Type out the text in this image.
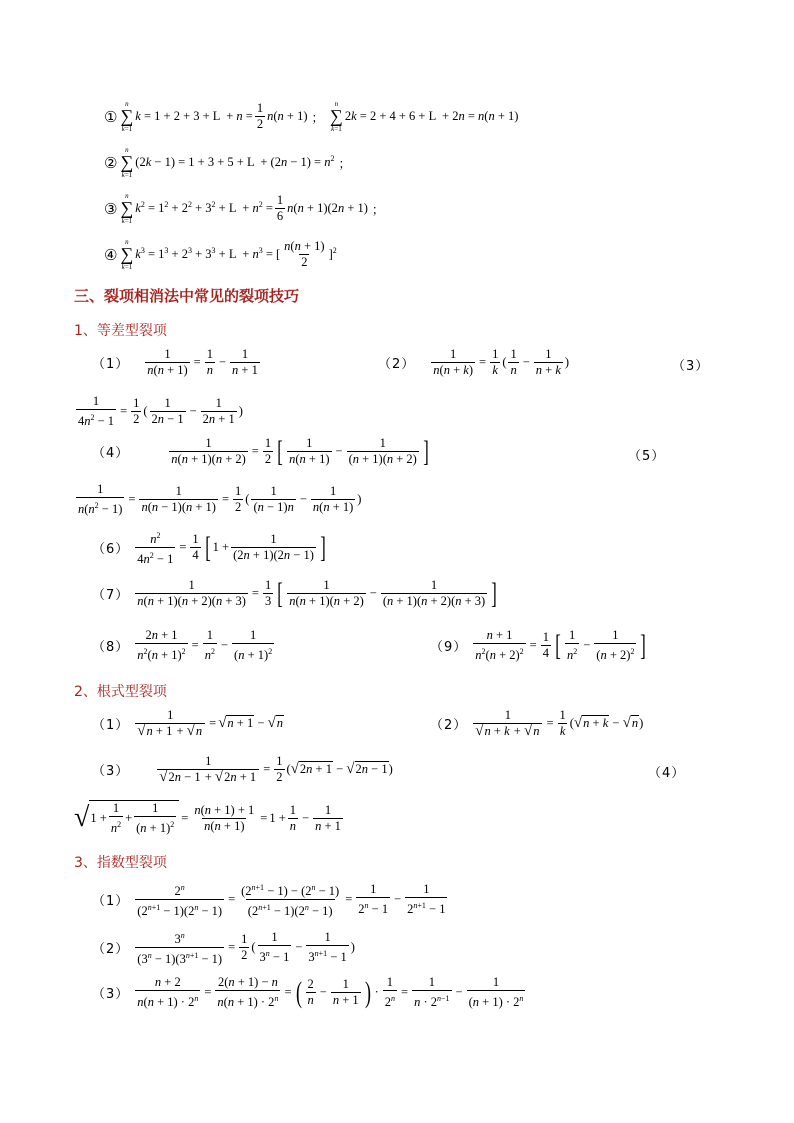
①
n
∑
k=1
$k = 1 + 2 + 3 + L + n = \frac{1}{2} n(n + 1)$ ；
n
∑
k=1
2k = 2 + 4 + 6 + L  + 2n = n(n + 1)
②
n
∑
k=1
$(2k - 1) = 1 + 3 + 5 + L + (2n - 1) = n^2$ ；
③
n
∑
k=1
$k^2 = 1^2 + 2^2 + 3^2 + L + n^2 = \frac{1}{6} n(n + 1)(2n + 1)$ ；
④
n
∑
k=1
$k^3 = 1^3 + 2^3 + 3^3 + L + n^3$ = [ $\frac{n(n + 1)}{2} ]^2$
三、裂项相消法中常见的裂项技巧
1、等差型裂项
$(1) \frac{1}{n(n + 1)} = \frac{1}{n} - \frac{1}{n + 1}$	$(2) \frac{1}{n(n + k)} = \frac{1}{k}$ ( $\frac{1}{n} - \frac{1}{n + k}$ )	（3）
$\frac{1}{4n^2 - 1} = \frac{1}{2}$ ( $\frac{1}{2n - 1} - \frac{1}{2n + 1}$ )
（4）	$\frac{1}{n(n + 1)(n + 2)} = \frac{1}{2}$ [ $\frac{1}{n(n + 1)} - \frac{1}{(n + 1)(n + 2)}$ ]	（5）
$\frac{1}{n(n^2 - 1)} = \frac{1}{n(n - 1)(n + 1)} = \frac{1}{2}$ ( $\frac{1}{(n - 1)n} - \frac{1}{n(n + 1)}$ )
$(6) \frac{n^2}{4n^2 - 1} = \frac{1}{4}$ [ $1 + \frac{1}{(2n + 1)(2n - 1)}$ ]
$(7) \frac{1}{n(n + 1)(n + 2)(n + 3)} = \frac{1}{3}$ [ $\frac{1}{n(n + 1)(n + 2)} - \frac{1}{(n + 1)(n + 2)(n + 3)}$ ]
$(8) \frac{2n + 1}{n^2(n + 1)^2} = \frac{1}{n^2} - \frac{1}{(n + 1)^2}$	$(9) \frac{n + 1}{n^2(n + 2)^2} = \frac{1}{4}$ [ $\frac{1}{n^2} - \frac{1}{(n + 2)^2}$ ]
2、根式型裂项
$(1) \frac{1}{√n + 1 + √n} = √n + 1 - √n$	$(2) \frac{1}{√n + k + √n} = \frac{1}{k} (√n + k - √n)$
$(3) \frac{1}{√2n - 1 + √2n + 1} = \frac{1}{2} (√2n + 1 - √2n - 1)$	（4）
√ $1 + \frac{1}{n^2} + \frac{1}{(n + 1)^2} = \frac{n(n + 1) + 1}{n(n + 1)} = 1 + \frac{1}{n} - \frac{1}{n + 1}$
3、指数型裂项
$(1) \frac{2^n}{(2^{n+1} - 1)(2^n - 1)} = \frac{(2^{n+1} - 1) - (2^n - 1)}{(2^{n+1} - 1)(2^n - 1)} = \frac{1}{2^n - 1} - \frac{1}{2^{n+1} - 1}$
$(2) \frac{3^n}{(3^n - 1)(3^{n+1} - 1)} = \frac{1}{2}$ ( $\frac{1}{3^n - 1} - \frac{1}{3^{n+1} - 1}$ )
$(3) \frac{n + 2}{n(n + 1) \cdot 2^n} = \frac{2(n + 1) - n}{n(n + 1) \cdot 2^n}$ = ( $\frac{2}{n} - \frac{1}{n + 1}$ ) · $\frac{1}{2^n} = \frac{1}{n \cdot 2^{n-1}} - \frac{1}{(n + 1) \cdot 2^n}$
